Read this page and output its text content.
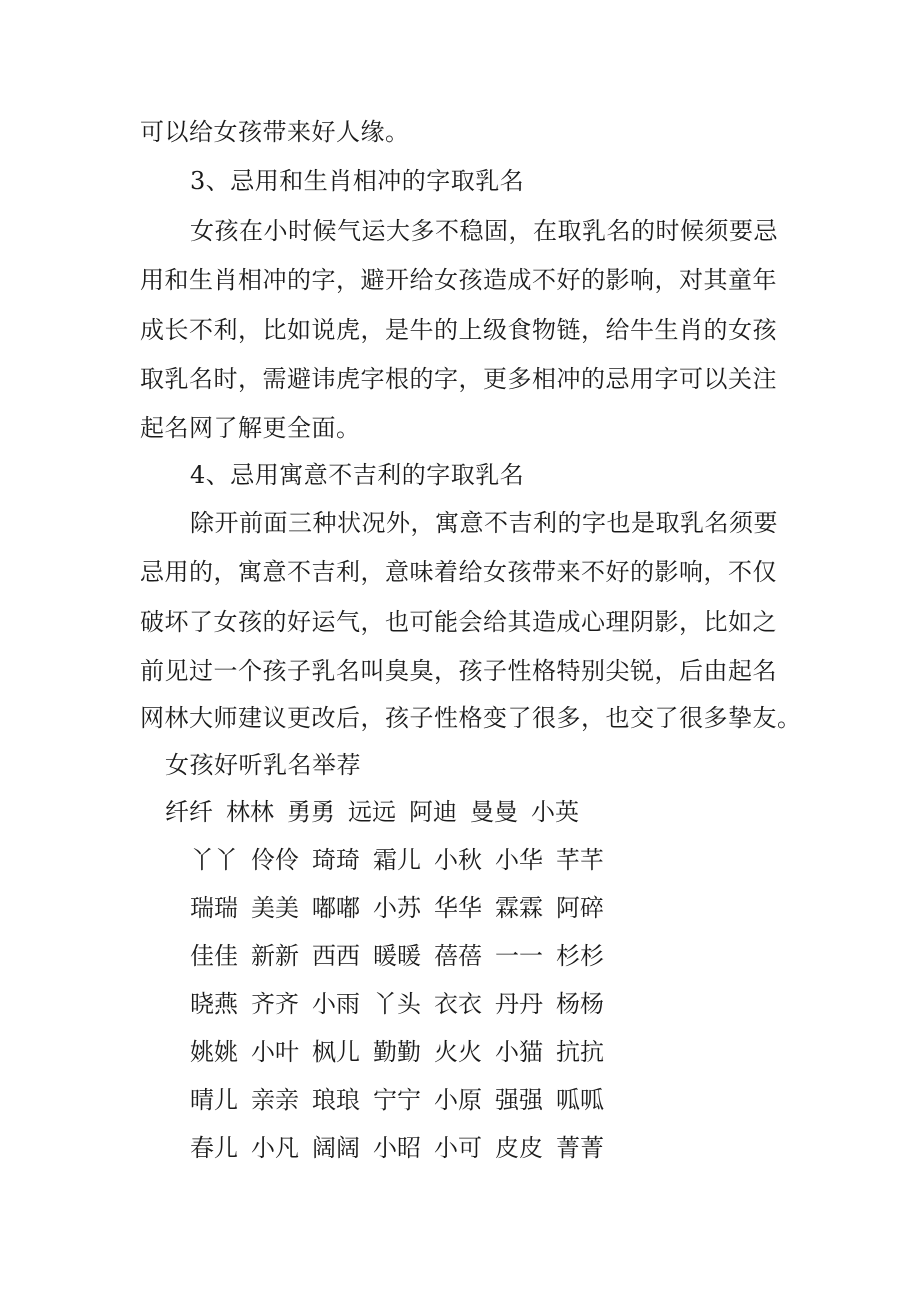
可以给女孩带来好人缘。
3、忌用和生肖相冲的字取乳名
女孩在小时候气运大多不稳固，在取乳名的时候须要忌
用和生肖相冲的字，避开给女孩造成不好的影响，对其童年
成长不利，比如说虎，是牛的上级食物链，给牛生肖的女孩
取乳名时，需避讳虎字根的字，更多相冲的忌用字可以关注
起名网了解更全面。
4、忌用寓意不吉利的字取乳名
除开前面三种状况外，寓意不吉利的字也是取乳名须要
忌用的，寓意不吉利，意味着给女孩带来不好的影响，不仅
破坏了女孩的好运气，也可能会给其造成心理阴影，比如之
前见过一个孩子乳名叫臭臭，孩子性格特别尖锐，后由起名
网林大师建议更改后，孩子性格变了很多，也交了很多挚友。
女孩好听乳名举荐
纤纤 林林 勇勇 远远 阿迪 曼曼 小英
丫丫 伶伶 琦琦 霜儿 小秋 小华 芊芊
瑞瑞 美美 嘟嘟 小苏 华华 霖霖 阿碎
佳佳 新新 西西 暖暖 蓓蓓 一一 杉杉
晓燕 齐齐 小雨 丫头 衣衣 丹丹 杨杨
姚姚 小叶 枫儿 勤勤 火火 小猫 抗抗
晴儿 亲亲 琅琅 宁宁 小原 强强 呱呱
春儿 小凡 阔阔 小昭 小可 皮皮 菁菁
